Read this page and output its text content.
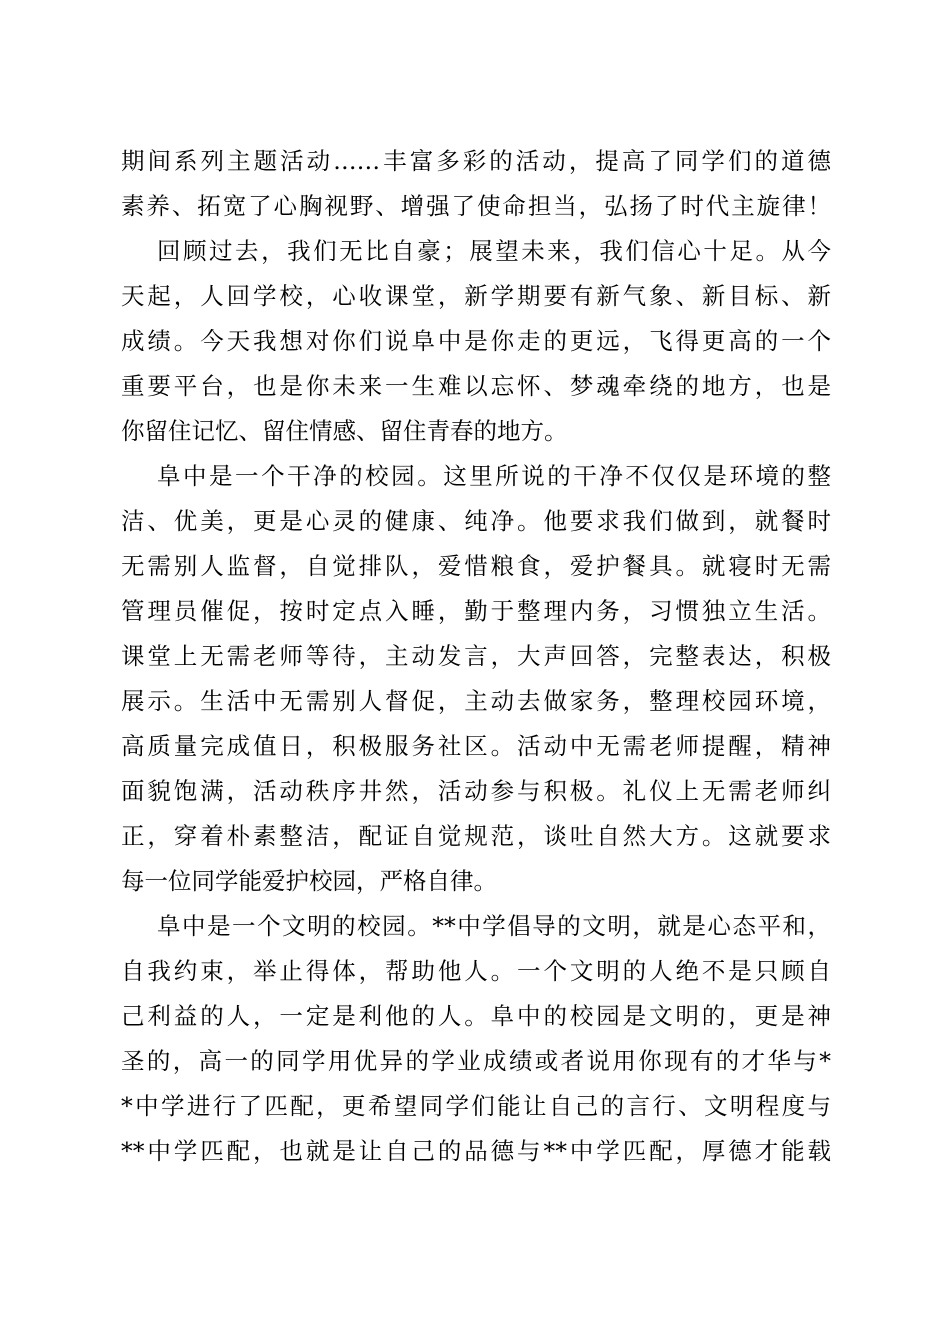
期间系列主题活动……丰富多彩的活动，提高了同学们的道德

素养、拓宽了心胸视野、增强了使命担当，弘扬了时代主旋律！

回顾过去，我们无比自豪；展望未来，我们信心十足。从今

天起，人回学校，心收课堂，新学期要有新气象、新目标、新

成绩。今天我想对你们说阜中是你走的更远，飞得更高的一个

重要平台，也是你未来一生难以忘怀、梦魂牵绕的地方，也是

你留住记忆、留住情感、留住青春的地方。

阜中是一个干净的校园。这里所说的干净不仅仅是环境的整

洁、优美，更是心灵的健康、纯净。他要求我们做到，就餐时

无需别人监督，自觉排队，爱惜粮食，爱护餐具。就寝时无需

管理员催促，按时定点入睡，勤于整理内务，习惯独立生活。

课堂上无需老师等待，主动发言，大声回答，完整表达，积极

展示。生活中无需别人督促，主动去做家务，整理校园环境，

高质量完成值日，积极服务社区。活动中无需老师提醒，精神

面貌饱满，活动秩序井然，活动参与积极。礼仪上无需老师纠

正，穿着朴素整洁，配证自觉规范，谈吐自然大方。这就要求

每一位同学能爱护校园，严格自律。

阜中是一个文明的校园。**中学倡导的文明，就是心态平和，

自我约束，举止得体，帮助他人。一个文明的人绝不是只顾自

己利益的人，一定是利他的人。阜中的校园是文明的，更是神

圣的，高一的同学用优异的学业成绩或者说用你现有的才华与*

*中学进行了匹配，更希望同学们能让自己的言行、文明程度与

**中学匹配，也就是让自己的品德与**中学匹配，厚德才能载
